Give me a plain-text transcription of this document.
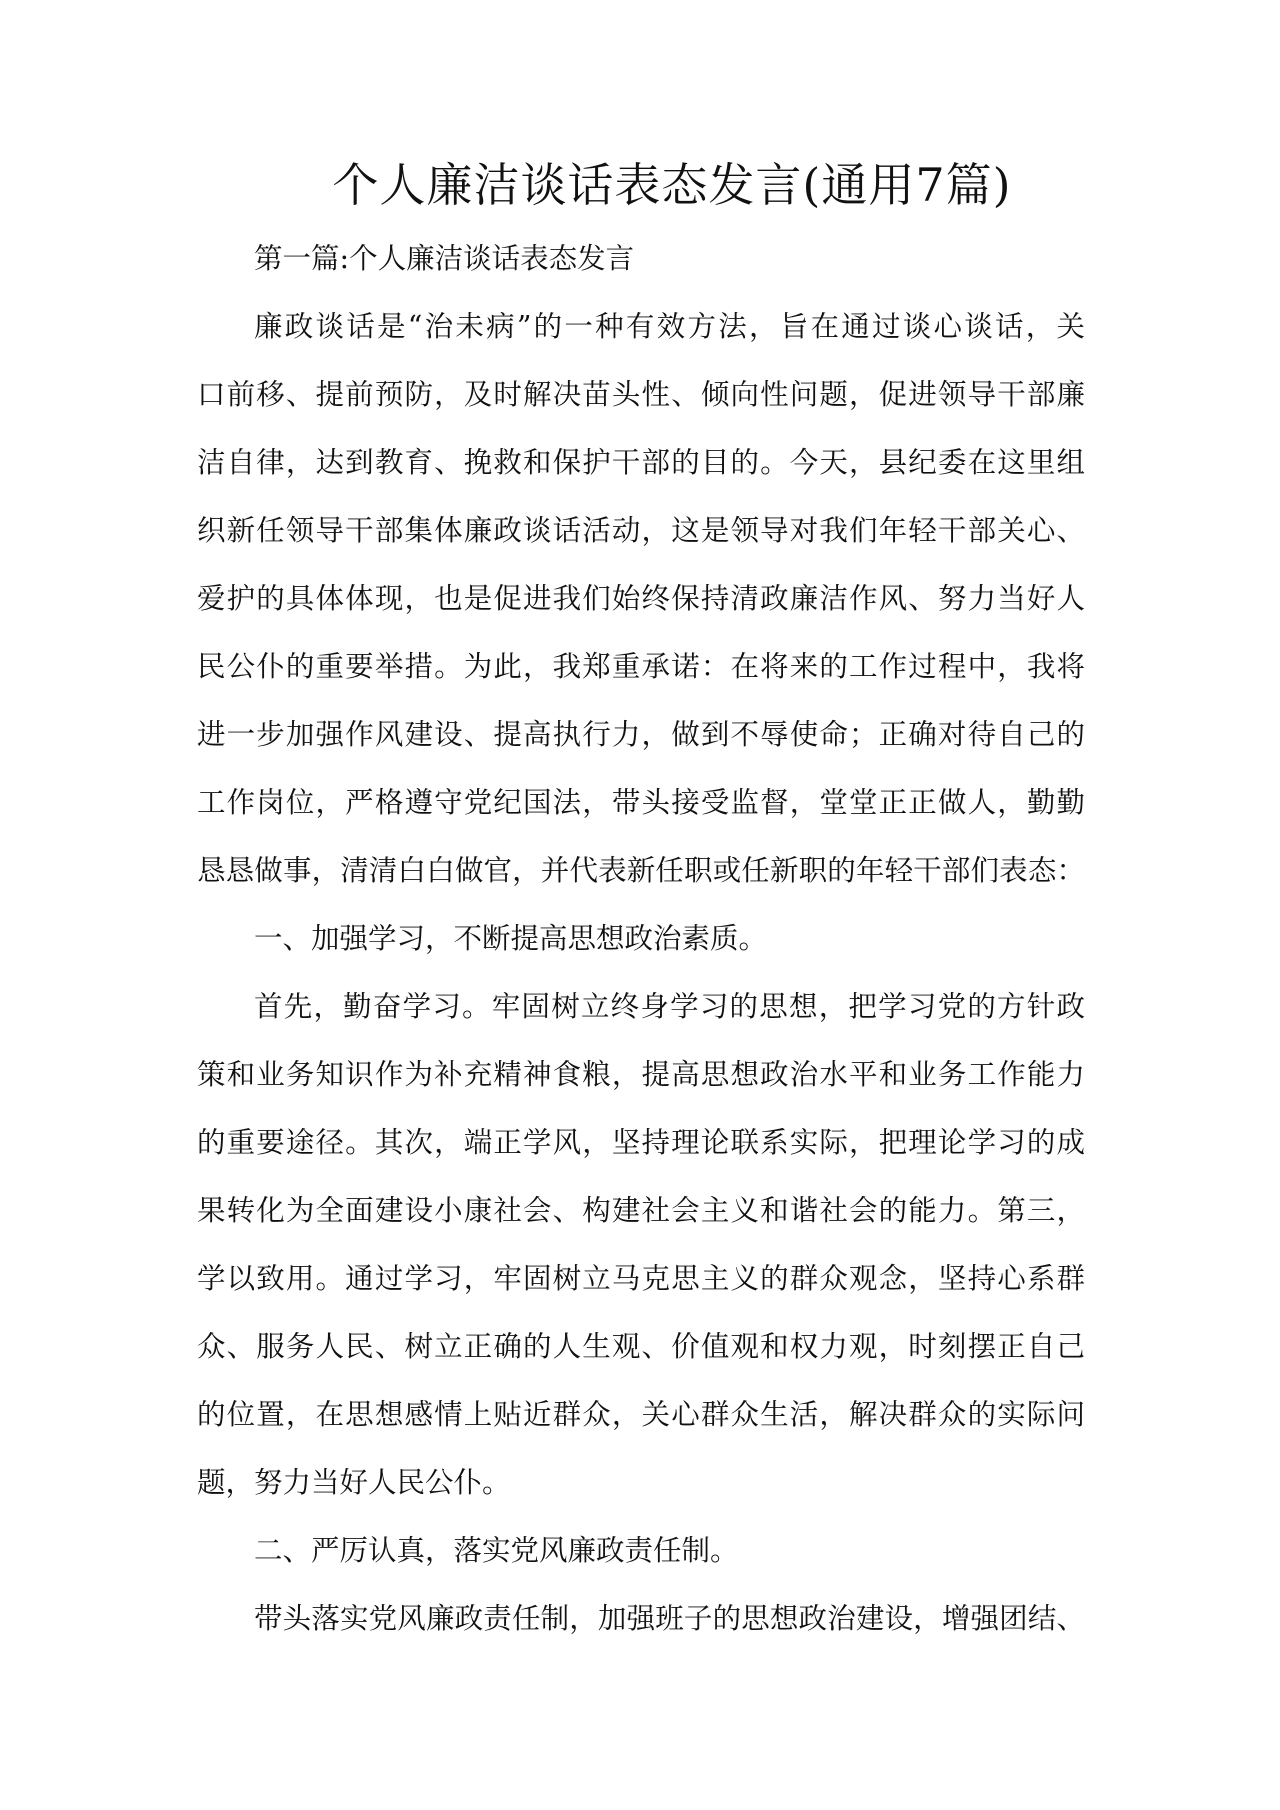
个人廉洁谈话表态发言(通用7篇)
第一篇:个人廉洁谈话表态发言
廉政谈话是“治未病”的一种有效方法，旨在通过谈心谈话，关
口前移、提前预防，及时解决苗头性、倾向性问题，促进领导干部廉
洁自律，达到教育、挽救和保护干部的目的。今天，县纪委在这里组
织新任领导干部集体廉政谈话活动，这是领导对我们年轻干部关心、
爱护的具体体现，也是促进我们始终保持清政廉洁作风、努力当好人
民公仆的重要举措。为此，我郑重承诺：在将来的工作过程中，我将
进一步加强作风建设、提高执行力，做到不辱使命；正确对待自己的
工作岗位，严格遵守党纪国法，带头接受监督，堂堂正正做人，勤勤
恳恳做事，清清白白做官，并代表新任职或任新职的年轻干部们表态：
一、加强学习，不断提高思想政治素质。
首先，勤奋学习。牢固树立终身学习的思想，把学习党的方针政
策和业务知识作为补充精神食粮，提高思想政治水平和业务工作能力
的重要途径。其次，端正学风，坚持理论联系实际，把理论学习的成
果转化为全面建设小康社会、构建社会主义和谐社会的能力。第三，
学以致用。通过学习，牢固树立马克思主义的群众观念，坚持心系群
众、服务人民、树立正确的人生观、价值观和权力观，时刻摆正自己
的位置，在思想感情上贴近群众，关心群众生活，解决群众的实际问
题，努力当好人民公仆。
二、严厉认真，落实党风廉政责任制。
带头落实党风廉政责任制，加强班子的思想政治建设，增强团结、
